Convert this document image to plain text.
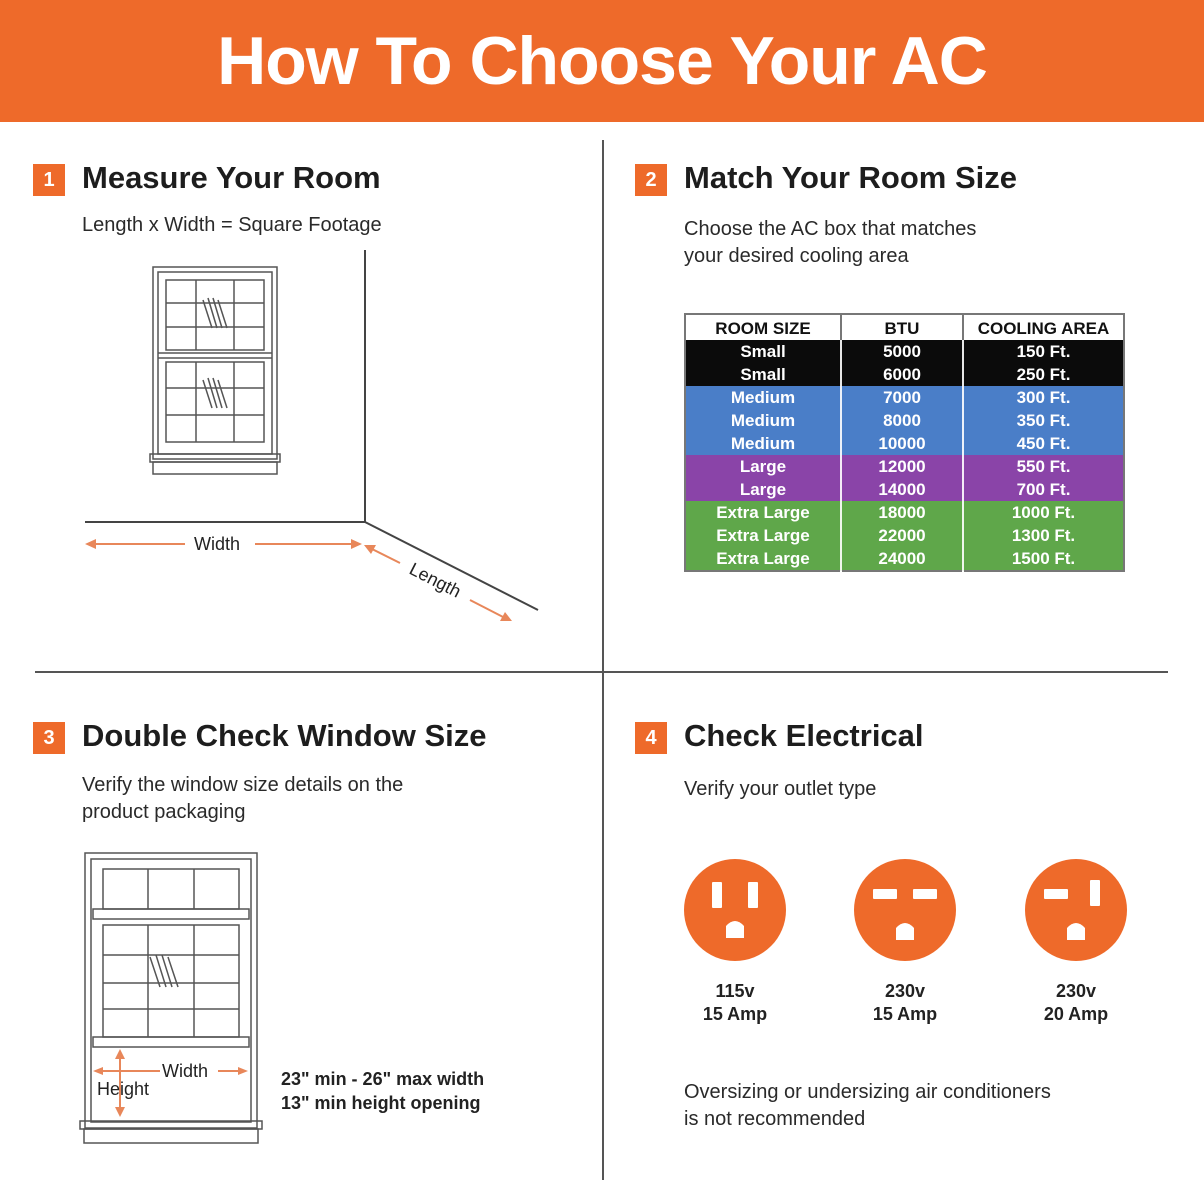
How To Choose Your AC
1 Measure Your Room
Length x Width = Square Footage
Width
Length
2 Match Your Room Size
Choose the AC box that matches
your desired cooling area
ROOM SIZE	BTU	COOLING AREA
Small	5000	150 Ft.
Small	6000	250 Ft.
Medium	7000	300 Ft.
Medium	8000	350 Ft.
Medium	10000	450 Ft.
Large	12000	550 Ft.
Large	14000	700 Ft.
Extra Large	18000	1000 Ft.
Extra Large	22000	1300 Ft.
Extra Large	24000	1500 Ft.
3 Double Check Window Size
Verify the window size details on the
product packaging
Width
Height	23" min - 26" max width
13" min height opening
4 Check Electrical
Verify your outlet type
115v
15 Amp
230v
15 Amp
230v
20 Amp
Oversizing or undersizing air conditioners
is not recommended
